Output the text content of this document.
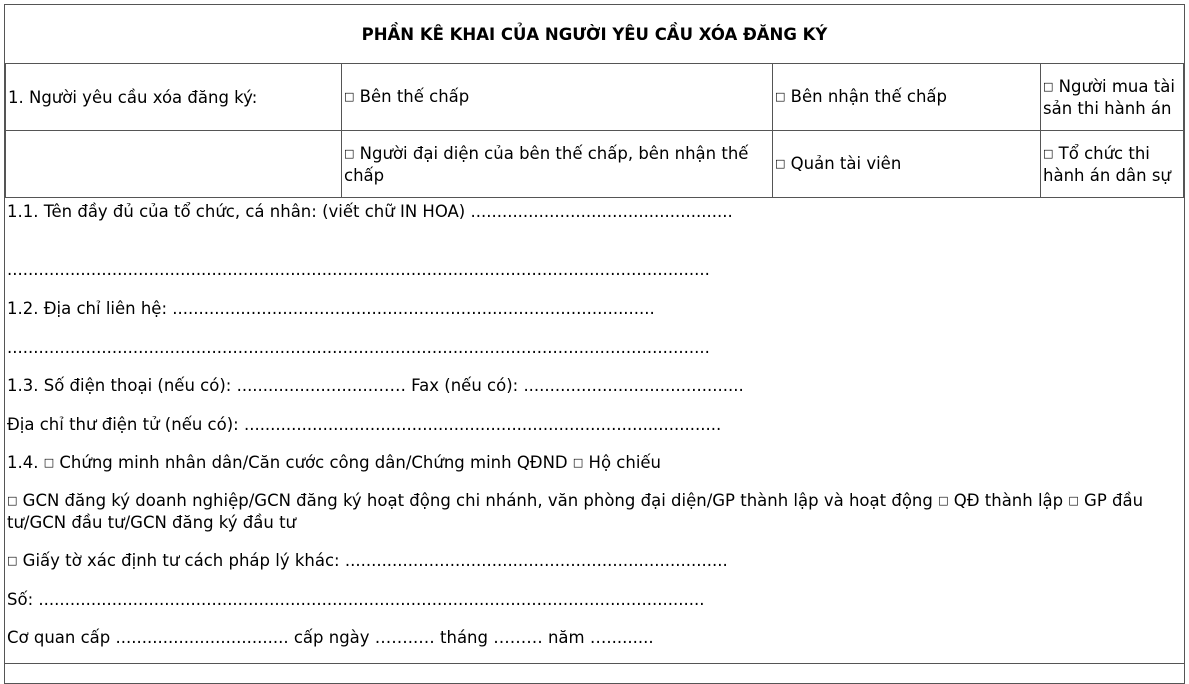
PHẦN KÊ KHAI CỦA NGƯỜI YÊU CẦU XÓA ĐĂNG KÝ
1. Người yêu cầu xóa đăng ký:	□ Bên thế chấp	□ Bên nhận thế chấp
□ Người mua tài sản thi hành án
□ Người đại diện của bên thế chấp, bên nhận thế chấp
□ Quản tài viên
□ Tổ chức thi hành án dân sự
1.1. Tên đầy đủ của tổ chức, cá nhân: (viết chữ IN HOA) ..................................................
......................................................................................................................................
1.2. Địa chỉ liên hệ: ............................................................................................
......................................................................................................................................
1.3. Số điện thoại (nếu có): ..........................…… Fax (nếu có): ..........................................
Địa chỉ thư điện tử (nếu có): ...........................................................................................
1.4. □ Chứng minh nhân dân/Căn cước công dân/Chứng minh QĐND □ Hộ chiếu
□ GCN đăng ký doanh nghiệp/GCN đăng ký hoạt động chi nhánh, văn phòng đại diện/GP thành lập và hoạt động □ QĐ thành lập □ GP đầu tư/GCN đầu tư/GCN đăng ký đầu tư
□ Giấy tờ xác định tư cách pháp lý khác: .........................................................................
Số: ...............................................................................................................................
Cơ quan cấp ................................. cấp ngày ……..… tháng ……… năm ….........
